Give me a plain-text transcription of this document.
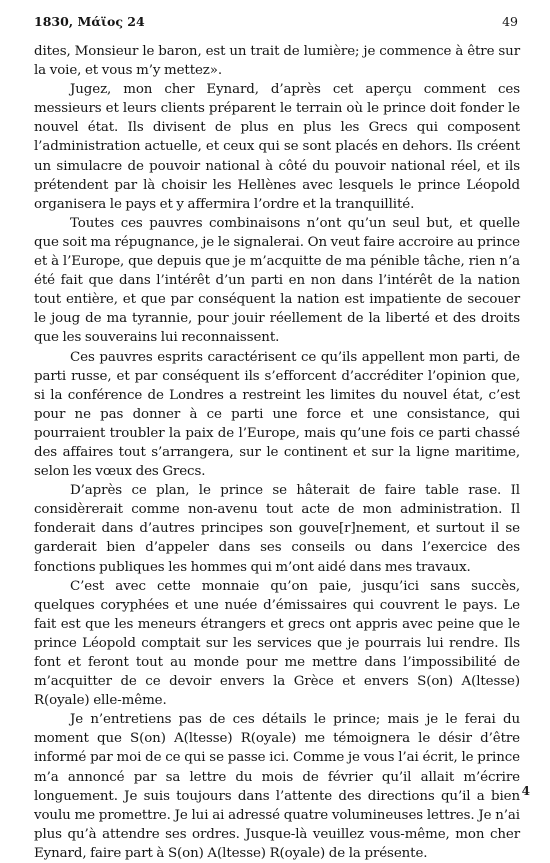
1830, Μάϊος 24	49

dites, Monsieur le baron, est un trait de lumière; je commence à être sur la voie, et vous m’y mettez».

Jugez, mon cher Eynard, d’après cet aperçu comment ces messieurs et leurs clients préparent le terrain où le prince doit fonder le nouvel état. Ils divisent de plus en plus les Grecs qui composent l’administration actuelle, et ceux qui se sont placés en dehors. Ils créent un simulacre de pouvoir national à côté du pouvoir national réel, et ils prétendent par là choisir les Hellènes avec lesquels le prince Léopold organisera le pays et y affermira l’ordre et la tranquillité.

Toutes ces pauvres combinaisons n’ont qu’un seul but, et quelle que soit ma répugnance, je le signalerai. On veut faire accroire au prince et à l’Europe, que depuis que je m’acquitte de ma pénible tâche, rien n’a été fait que dans l’intérêt d’un parti en non dans l’intérêt de la nation tout entière, et que par conséquent la nation est impatiente de secouer le joug de ma tyrannie, pour jouir réellement de la liberté et des droits que les souverains lui reconnaissent.

Ces pauvres esprits caractérisent ce qu’ils appellent mon parti, de parti russe, et par conséquent ils s’efforcent d’accréditer l’opinion que, si la conférence de Londres a restreint les limites du nouvel état, c’est pour ne pas donner à ce parti une force et une consistance, qui pourraient troubler la paix de l’Europe, mais qu’une fois ce parti chassé des affaires tout s’arrangera, sur le continent et sur la ligne maritime, selon les vœux des Grecs.

D’après ce plan, le prince se hâterait de faire table rase. Il considèrerait comme non-avenu tout acte de mon administration. Il fonderait dans d’autres principes son gouve[r]nement, et surtout il se garderait bien d’appeler dans ses conseils ou dans l’exercice des fonctions publiques les hommes qui m’ont aidé dans mes travaux.

C’est avec cette monnaie qu’on paie, jusqu’ici sans succès, quelques coryphées et une nuée d’émissaires qui couvrent le pays. Le fait est que les meneurs étrangers et grecs ont appris avec peine que le prince Léopold comptait sur les services que je pourrais lui rendre. Ils font et feront tout au monde pour me mettre dans l’impossibilité de m’acquitter de ce devoir envers la Grèce et envers S(on) A(ltesse) R(oyale) elle-même.

Je n’entretiens pas de ces détails le prince; mais je le ferai du moment que S(on) A(ltesse) R(oyale) me témoignera le désir d’être informé par moi de ce qui se passe ici. Comme je vous l’ai écrit, le prince m’a annoncé par sa lettre du mois de février qu’il allait m’écrire longuement. Je suis toujours dans l’attente des directions qu’il a bien voulu me promettre. Je lui ai adressé quatre volumineuses lettres. Je n’ai plus qu’à attendre ses ordres. Jusque-là veuillez vous-même, mon cher Eynard, faire part à S(on) A(ltesse) R(oyale) de la présente.

4
